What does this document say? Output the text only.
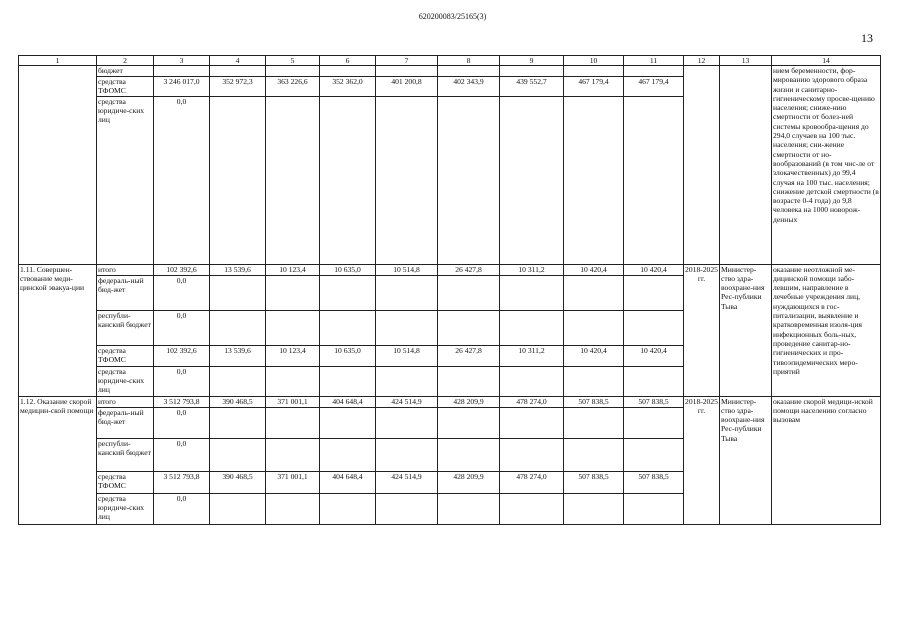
620200083/25165(3)
13
1	2	3	4	5	6	7	8	9	10	11	12	13	14
	бюджет												нием беременности, фор-мированию здорового образа жизни и санитарно-гигиеническому просве-щению населения; сниже-нию смертности от болез-ней системы кровообра-щения до 294,0 случаев на 100 тыс. населения; сни-жение смертности от но-вообразований (в том чис-ле от злокачественных) до 99,4 случая на 100 тыс. населения; снижение детской смертности (в возрасте 0-4 года) до 9,8 человека на 1000 новорож-денных
	средства ТФОМС	3 246 017,0	352 972,3	363 226,6	352 362,0	401 200,8	402 343,9	439 552,7	467 179,4	467 179,4			
	средства юридиче-ских лиц	0,0											
1.11. Совершен-ствование меди-цинской эвакуа-ции	итого	102 392,6	13 539,6	10 123,4	10 635,0	10 514,8	26 427,8	10 311,2	10 420,4	10 420,4	2018-2025 гг.	Министер-ство здра-воохране-ния Рес-публики Тыва	оказание неотложной ме-дицинской помощи забо-левшим, направление в лечебные учреждения лиц, нуждающихся в гос-питализации, выявление и кратковременная изоля-ция инфекционных боль-ных, проведение санитар-но-гигиенических и про-тивоэпидемических меро-приятий
	федераль-ный бюд-жет	0,0											
	республи-канский бюджет	0,0											
	средства ТФОМС	102 392,6	13 539,6	10 123,4	10 635,0	10 514,8	26 427,8	10 311,2	10 420,4	10 420,4			
	средства юридиче-ских лиц	0,0											
1.12. Оказание скорой медицин-ской помощи	итого	3 512 793,8	390 468,5	371 001,1	404 648,4	424 514,9	428 209,9	478 274,0	507 838,5	507 838,5	2018-2025 гг.	Министер-ство здра-воохране-ния Рес-публики Тыва	оказание скорой медици-нской помощи населению согласно вызовам
	федераль-ный бюд-жет	0,0											
	республи-канский бюджет	0,0											
	средства ТФОМС	3 512 793,8	390 468,5	371 001,1	404 648,4	424 514,9	428 209,9	478 274,0	507 838,5	507 838,5			
	средства юридиче-ских лиц	0,0											
